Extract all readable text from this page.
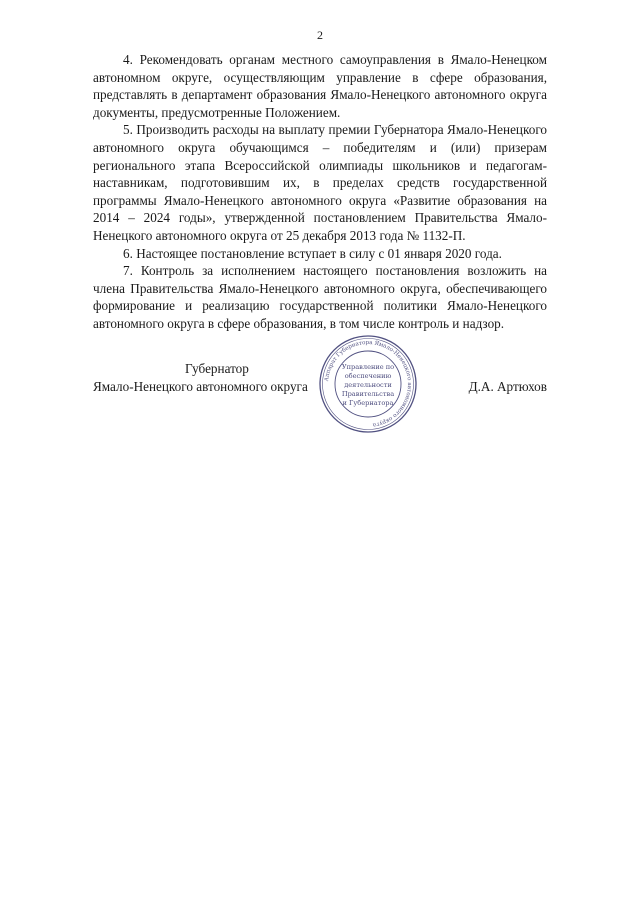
2

4. Рекомендовать органам местного самоуправления в Ямало-Ненецком автономном округе, осуществляющим управление в сфере образования, представлять в департамент образования Ямало-Ненецкого автономного округа документы, предусмотренные Положением.

5. Производить расходы на выплату премии Губернатора Ямало-Ненецкого автономного округа обучающимся – победителям и (или) призерам регионального этапа Всероссийской олимпиады школьников и педагогам-наставникам, подготовившим их, в пределах средств государственной программы Ямало-Ненецкого автономного округа «Развитие образования на 2014 – 2024 годы», утвержденной постановлением Правительства Ямало-Ненецкого автономного округа от 25 декабря 2013 года № 1132-П.

6. Настоящее постановление вступает в силу с 01 января 2020 года.

7. Контроль за исполнением настоящего постановления возложить на члена Правительства Ямало-Ненецкого автономного округа, обеспечивающего формирование и реализацию государственной политики Ямало-Ненецкого автономного округа в сфере образования, в том числе контроль и надзор.

Губернатор
Ямало-Ненецкого автономного округа	Д.А. Артюхов
Аппарат Губернатора Ямало-Ненецкого автономного округа
Управление по
обеспечению
деятельности
Правительства
и Губернатора
